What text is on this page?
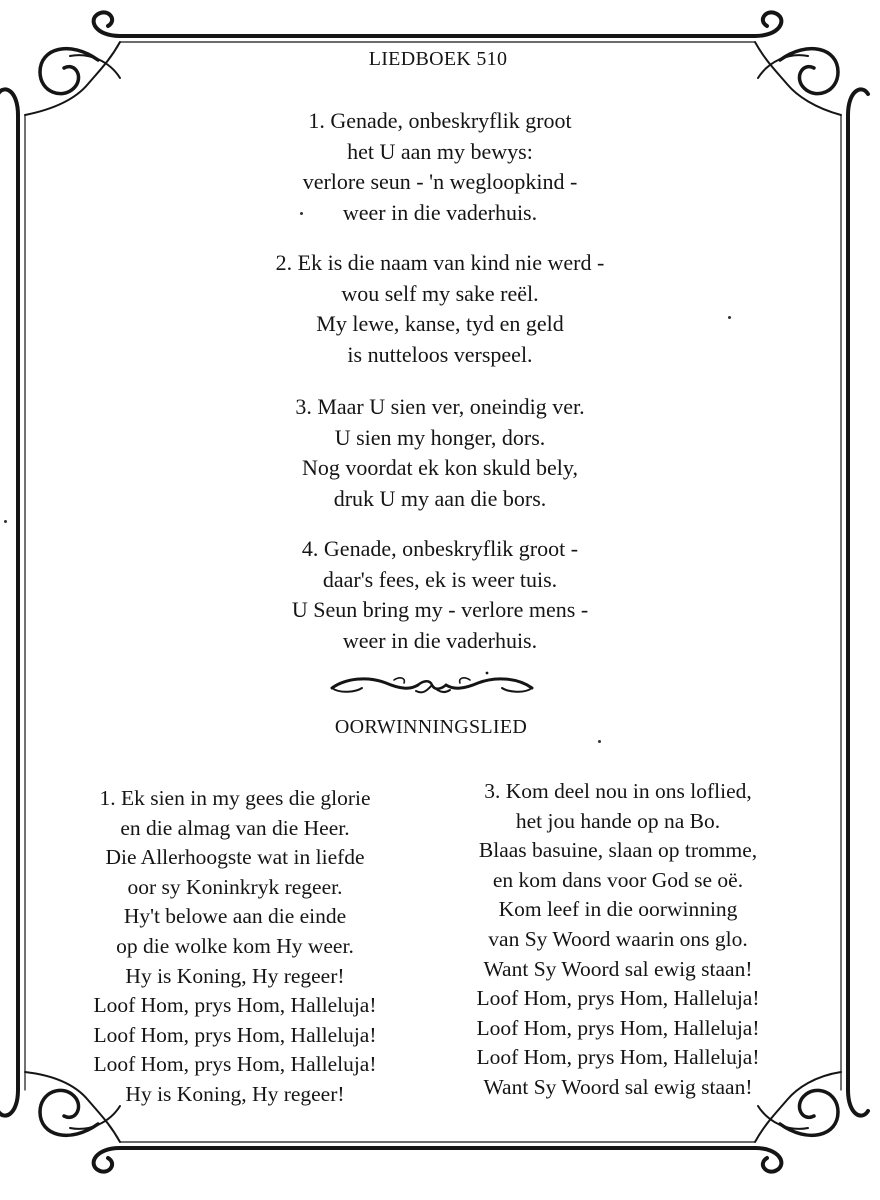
LIEDBOEK 510
1. Genade, onbeskryflik groot
het U aan my bewys:
verlore seun - 'n wegloopkind -
weer in die vaderhuis.
2. Ek is die naam van kind nie werd -
wou self my sake reël.
My lewe, kanse, tyd en geld
is nutteloos verspeel.
3. Maar U sien ver, oneindig ver.
U sien my honger, dors.
Nog voordat ek kon skuld bely,
druk U my aan die bors.
4. Genade, onbeskryflik groot -
daar's fees, ek is weer tuis.
U Seun bring my - verlore mens -
weer in die vaderhuis.
OORWINNINGSLIED
1. Ek sien in my gees die glorie
en die almag van die Heer.
Die Allerhoogste wat in liefde
oor sy Koninkryk regeer.
Hy't belowe aan die einde
op die wolke kom Hy weer.
Hy is Koning, Hy regeer!
Loof Hom, prys Hom, Halleluja!
Loof Hom, prys Hom, Halleluja!
Loof Hom, prys Hom, Halleluja!
Hy is Koning, Hy regeer!
3. Kom deel nou in ons loflied,
het jou hande op na Bo.
Blaas basuine, slaan op tromme,
en kom dans voor God se oë.
Kom leef in die oorwinning
van Sy Woord waarin ons glo.
Want Sy Woord sal ewig staan!
Loof Hom, prys Hom, Halleluja!
Loof Hom, prys Hom, Halleluja!
Loof Hom, prys Hom, Halleluja!
Want Sy Woord sal ewig staan!
